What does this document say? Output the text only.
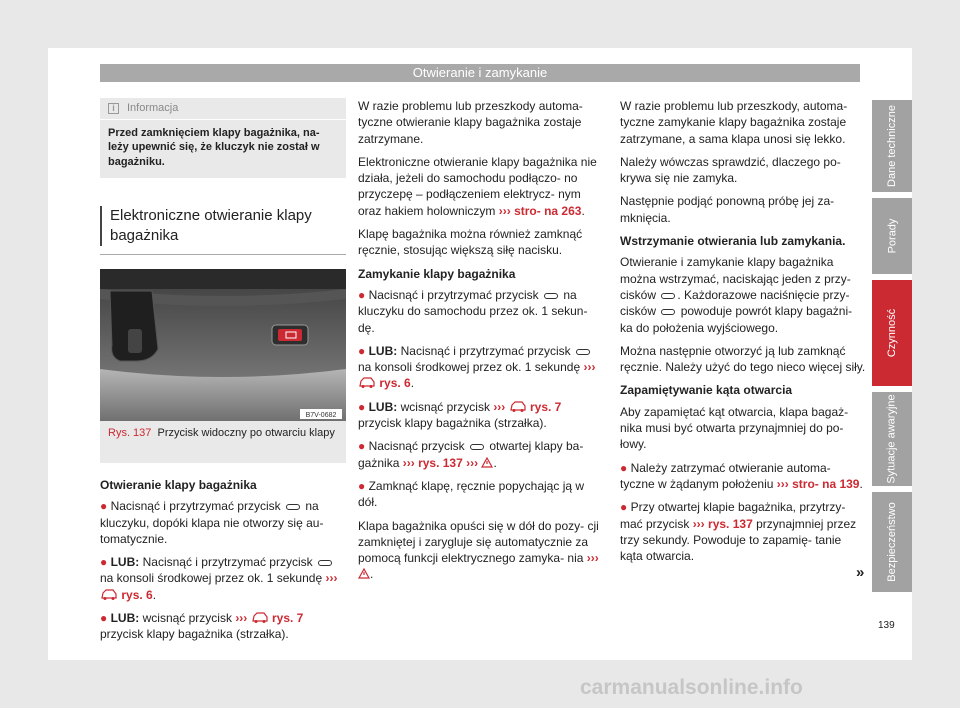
Otwieranie i zamykanie
i	Informacja
Przed zamknięciem klapy bagażnika, na- leży upewnić się, że kluczyk nie został w bagażniku.
Elektroniczne otwieranie klapy bagażnika
B7V-0682
Rys. 137 Przycisk widoczny po otwarciu klapy

Otwieranie klapy bagażnika

● Nacisnąć i przytrzymać przycisk na kluczyku, dopóki klapa nie otworzy się au- tomatycznie.

● LUB: Nacisnąć i przytrzymać przycisk  na konsoli środkowej przez ok. 1 sekundę ›››  rys. 6.

● LUB: wcisnąć przycisk ››› rys. 7 przycisk klapy bagażnika (strzałka).

W razie problemu lub przeszkody automa- tyczne otwieranie klapy bagażnika zostaje zatrzymane.

Elektroniczne otwieranie klapy bagażnika nie działa, jeżeli do samochodu podłączo- no przyczepę – podłączeniem elektrycz- nym oraz hakiem holowniczym ››› stro- na 263.

Klapę bagażnika można również zamknąć ręcznie, stosując większą siłę nacisku.

Zamykanie klapy bagażnika

● Nacisnąć i przytrzymać przycisk na kluczyku do samochodu przez ok. 1 sekun- dę.

● LUB: Nacisnąć i przytrzymać przycisk  na konsoli środkowej przez ok. 1 sekundę ›››  rys. 6.

● LUB: wcisnąć przycisk ››› rys. 7 przycisk klapy bagażnika (strzałka).

● Nacisnąć przycisk otwartej klapy ba- gażnika ››› rys. 137 ››› .

● Zamknąć klapę, ręcznie popychając ją w dół.

Klapa bagażnika opuści się w dół do pozy- cji zamkniętej i zarygluje się automatycznie za pomocą funkcji elektrycznego zamyka- nia ››› .

W razie problemu lub przeszkody, automa- tyczne zamykanie klapy bagażnika zostaje zatrzymane, a sama klapa unosi się lekko.

Należy wówczas sprawdzić, dlaczego po- krywa się nie zamyka.

Następnie podjąć ponowną próbę jej za- mknięcia.

Wstrzymanie otwierania lub zamykania.

Otwieranie i zamykanie klapy bagażnika można wstrzymać, naciskając jeden z przy- cisków . Każdorazowe naciśnięcie przy- cisków powoduje powrót klapy bagażni- ka do położenia wyjściowego.

Można następnie otworzyć ją lub zamknąć ręcznie. Należy użyć do tego nieco więcej siły.

Zapamiętywanie kąta otwarcia

Aby zapamiętać kąt otwarcia, klapa bagaż- nika musi być otwarta przynajmniej do po- łowy.

● Należy zatrzymać otwieranie automa- tyczne w żądanym położeniu ››› stro- na 139.

● Przy otwartej klapie bagażnika, przytrzy- mać przycisk ››› rys. 137 przynajmniej przez trzy sekundy. Powoduje to zapamię- tanie kąta otwarcia.

»
Dane techniczne
Porady
Czynność
Sytuacje awaryjne
Bezpieczeństwo
139
carmanualsonline.info
